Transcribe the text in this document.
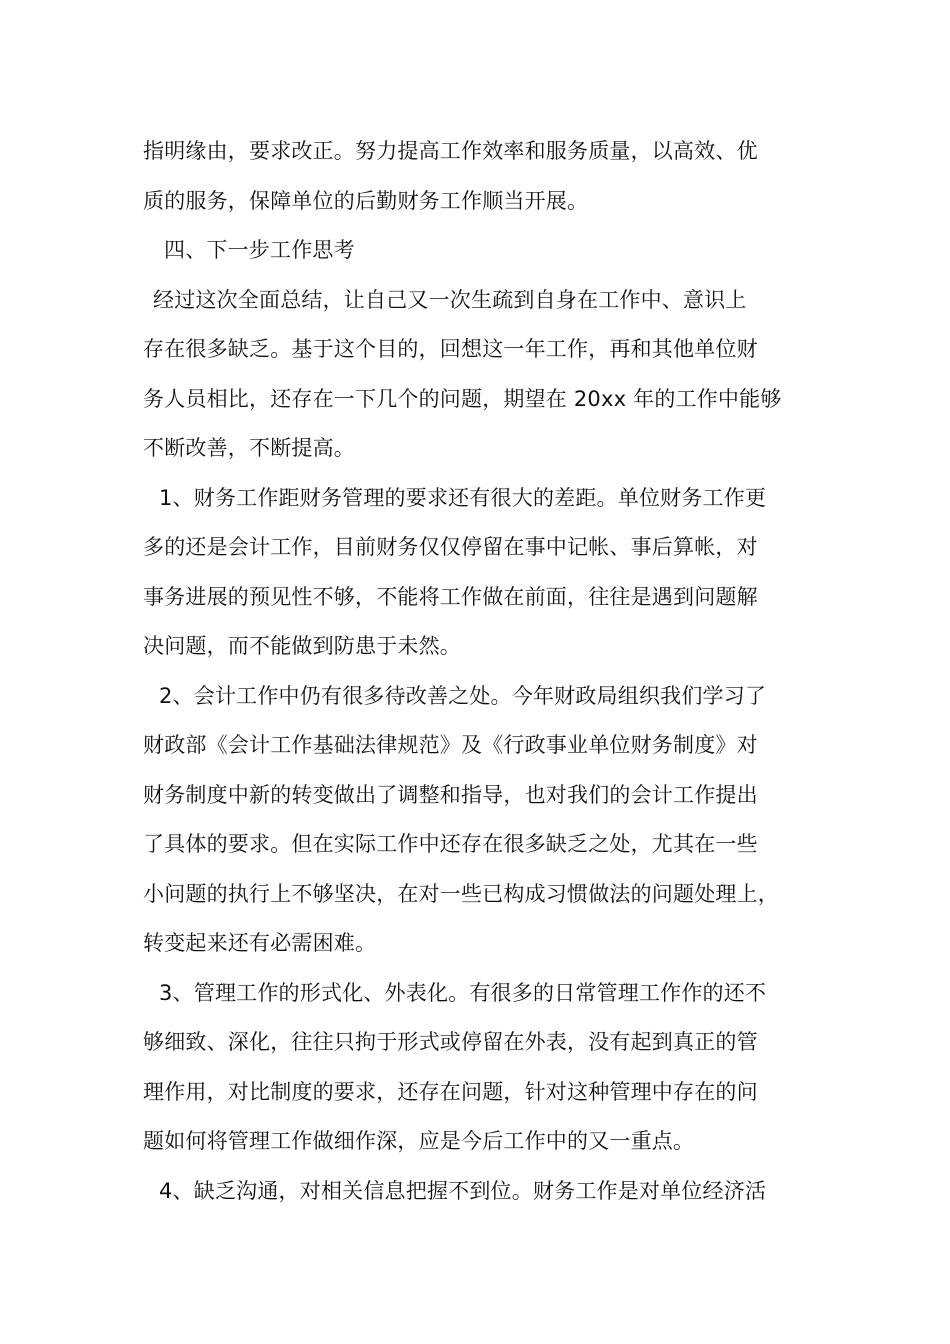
指明缘由，要求改正。努力提高工作效率和服务质量，以高效、优
质的服务，保障单位的后勤财务工作顺当开展。
四、下一步工作思考
经过这次全面总结，让自己又一次生疏到自身在工作中、意识上
存在很多缺乏。基于这个目的，回想这一年工作，再和其他单位财
务人员相比，还存在一下几个的问题，期望在 20xx 年的工作中能够
不断改善，不断提高。
1、财务工作距财务管理的要求还有很大的差距。单位财务工作更
多的还是会计工作，目前财务仅仅停留在事中记帐、事后算帐，对
事务进展的预见性不够，不能将工作做在前面，往往是遇到问题解
决问题，而不能做到防患于未然。
2、会计工作中仍有很多待改善之处。今年财政局组织我们学习了
财政部《会计工作基础法律规范》及《行政事业单位财务制度》对
财务制度中新的转变做出了调整和指导，也对我们的会计工作提出
了具体的要求。但在实际工作中还存在很多缺乏之处，尤其在一些
小问题的执行上不够坚决，在对一些已构成习惯做法的问题处理上，
转变起来还有必需困难。
3、管理工作的形式化、外表化。有很多的日常管理工作作的还不
够细致、深化，往往只拘于形式或停留在外表，没有起到真正的管
理作用，对比制度的要求，还存在问题，针对这种管理中存在的问
题如何将管理工作做细作深，应是今后工作中的又一重点。
4、缺乏沟通，对相关信息把握不到位。财务工作是对单位经济活
